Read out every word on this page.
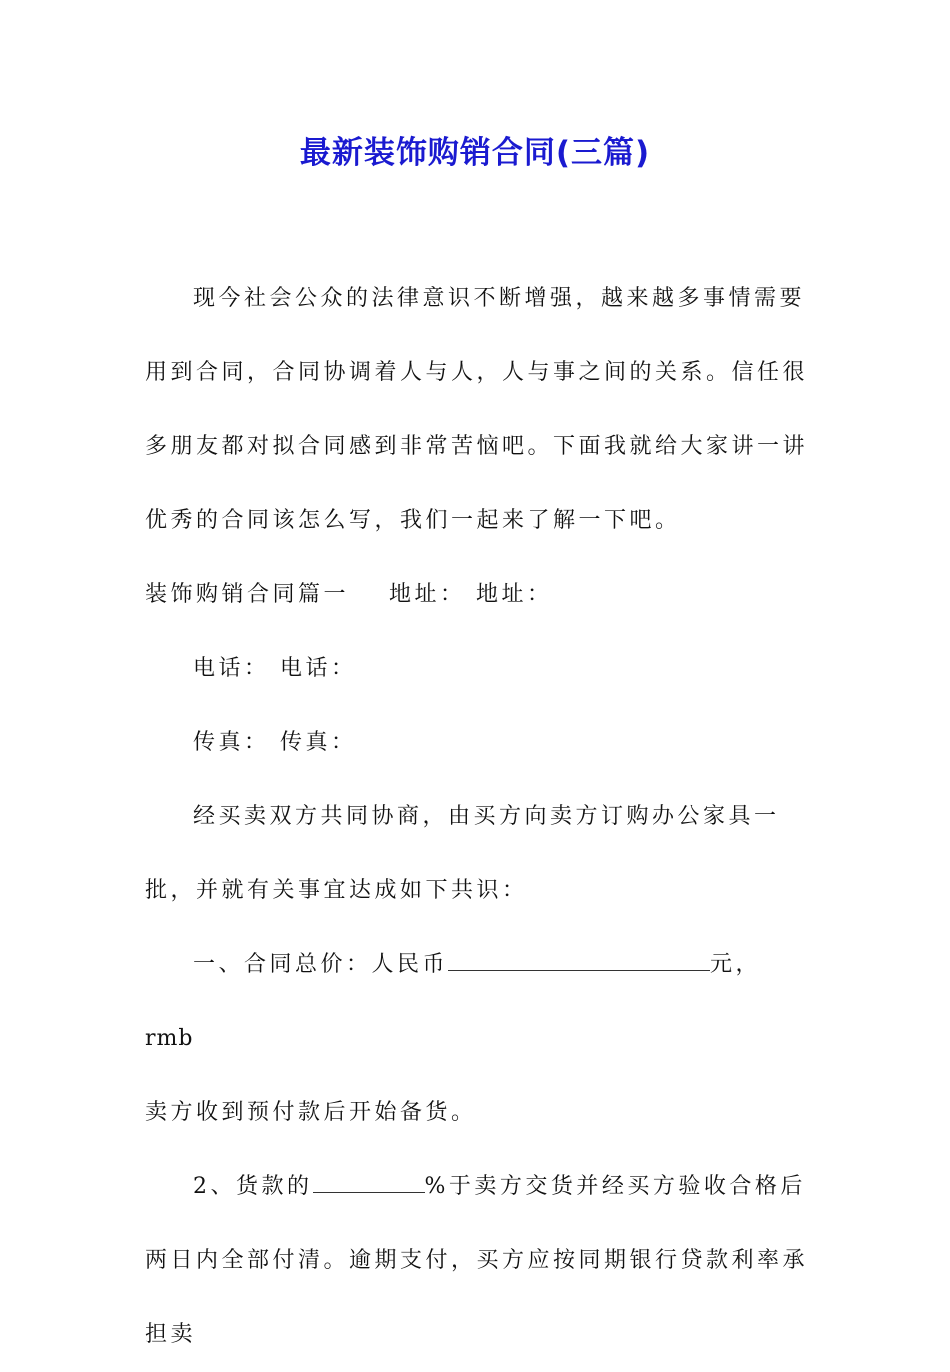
最新装饰购销合同(三篇)

现今社会公众的法律意识不断增强，越来越多事情需要用到合同，合同协调着人与人，人与事之间的关系。信任很多朋友都对拟合同感到非常苦恼吧。下面我就给大家讲一讲优秀的合同该怎么写，我们一起来了解一下吧。

装饰购销合同篇一 地址： 地址：

电话： 电话：

传真： 传真：

经买卖双方共同协商，由买方向卖方订购办公家具一批，并就有关事宜达成如下共识：

一、合同总价：人民币	元，rmb
卖方收到预付款后开始备货。

2、货款的	%于卖方交货并经买方验收合格后两日内全部付清。逾期支付，买方应按同期银行贷款利率承担卖
